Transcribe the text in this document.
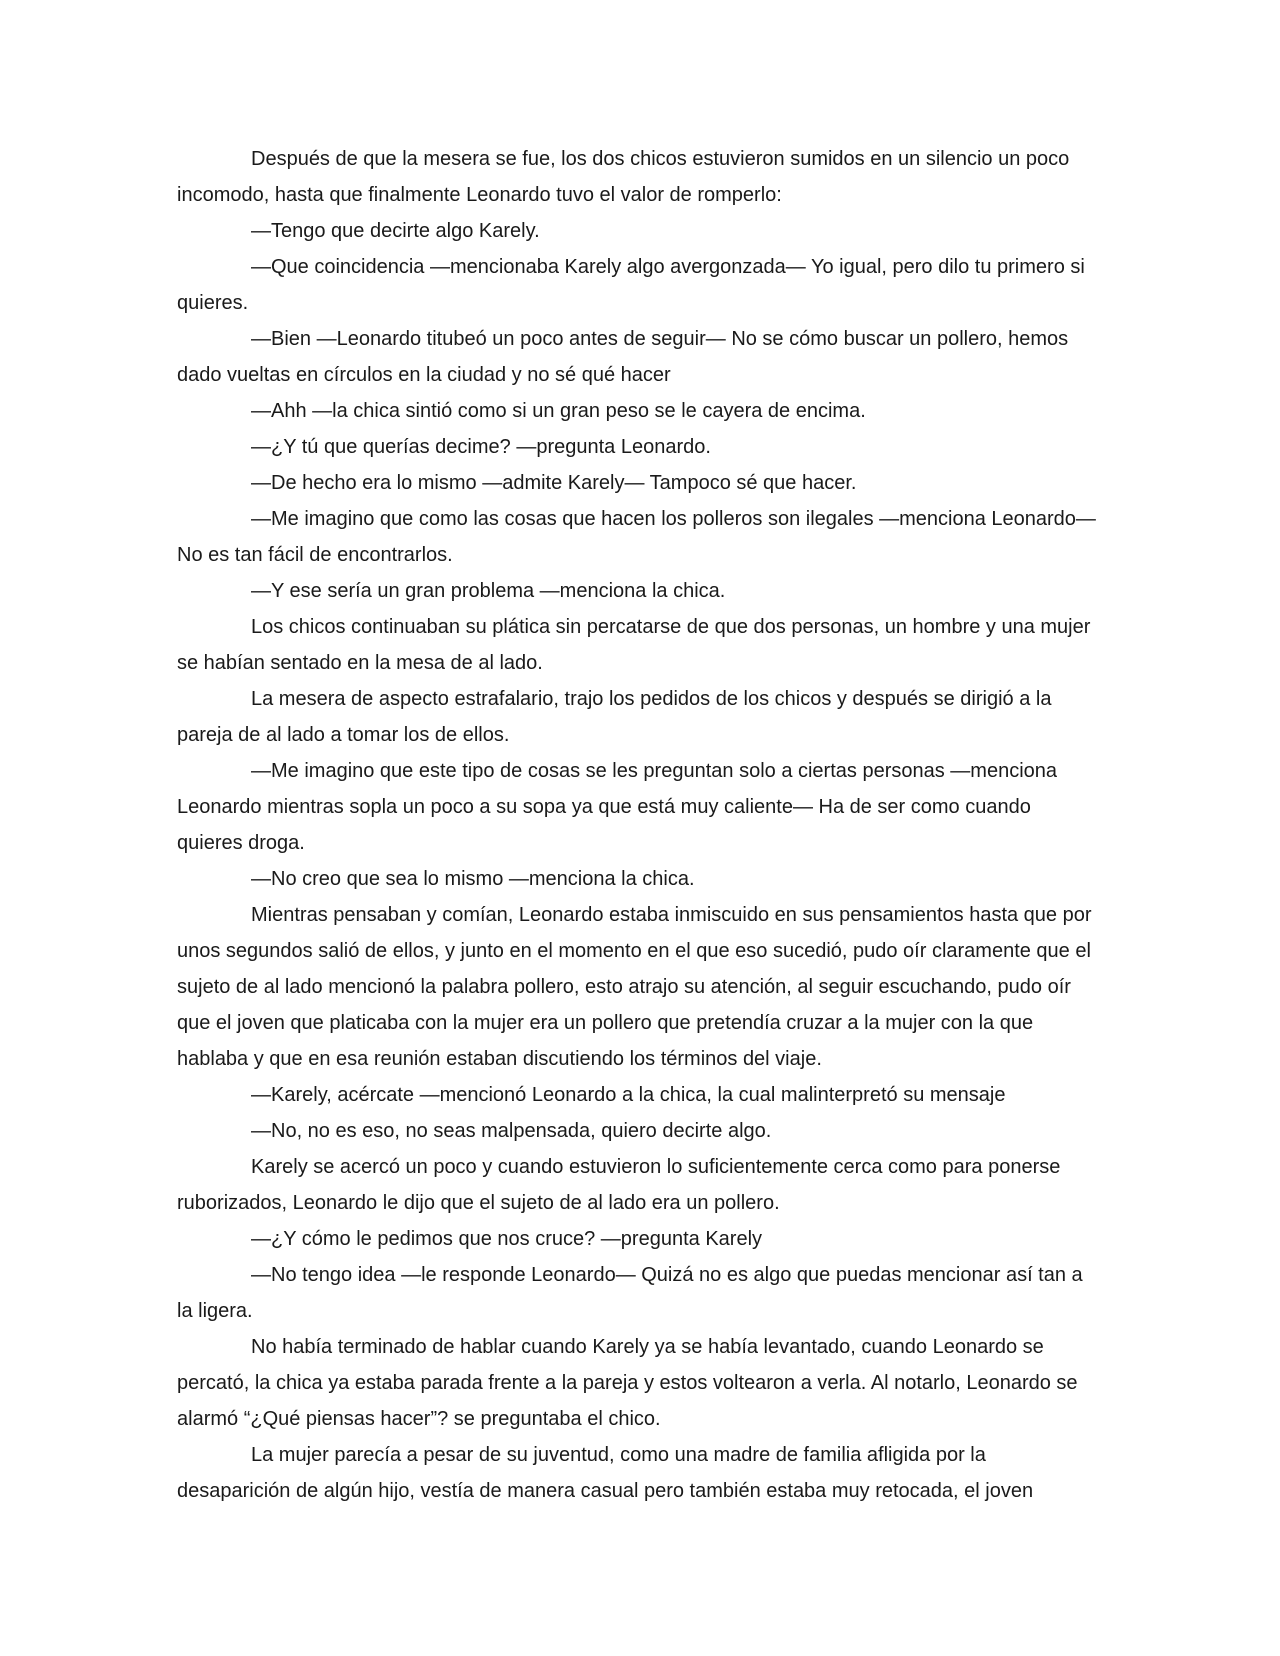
Después de que la mesera se fue, los dos chicos estuvieron sumidos en un silencio un poco incomodo, hasta que finalmente Leonardo tuvo el valor de romperlo:

—Tengo que decirte algo Karely.

—Que coincidencia —mencionaba Karely algo avergonzada— Yo igual, pero dilo tu primero si quieres.

—Bien —Leonardo titubeó un poco antes de seguir— No se cómo buscar un pollero, hemos dado vueltas en círculos en la ciudad y no sé qué hacer

—Ahh —la chica sintió como si un gran peso se le cayera de encima.

—¿Y tú que querías decime? —pregunta Leonardo.

—De hecho era lo mismo —admite Karely— Tampoco sé que hacer.

—Me imagino que como las cosas que hacen los polleros son ilegales —menciona Leonardo— No es tan fácil de encontrarlos.

—Y ese sería un gran problema —menciona la chica.

Los chicos continuaban su plática sin percatarse de que dos personas, un hombre y una mujer se habían sentado en la mesa de al lado.

La mesera de aspecto estrafalario, trajo los pedidos de los chicos y después se dirigió a la pareja de al lado a tomar los de ellos.

—Me imagino que este tipo de cosas se les preguntan solo a ciertas personas —menciona Leonardo mientras sopla un poco a su sopa ya que está muy caliente— Ha de ser como cuando quieres droga.

—No creo que sea lo mismo —menciona la chica.

Mientras pensaban y comían, Leonardo estaba inmiscuido en sus pensamientos hasta que por unos segundos salió de ellos, y junto en el momento en el que eso sucedió, pudo oír claramente que el sujeto de al lado mencionó la palabra pollero, esto atrajo su atención, al seguir escuchando, pudo oír que el joven que platicaba con la mujer era un pollero que pretendía cruzar a la mujer con la que hablaba y que en esa reunión estaban discutiendo los términos del viaje.

—Karely, acércate —mencionó Leonardo a la chica, la cual malinterpretó su mensaje

—No, no es eso, no seas malpensada, quiero decirte algo.

Karely se acercó un poco y cuando estuvieron lo suficientemente cerca como para ponerse ruborizados, Leonardo le dijo que el sujeto de al lado era un pollero.

—¿Y cómo le pedimos que nos cruce? —pregunta Karely

—No tengo idea —le responde Leonardo— Quizá no es algo que puedas mencionar así tan a la ligera.

No había terminado de hablar cuando Karely ya se había levantado, cuando Leonardo se percató, la chica ya estaba parada frente a la pareja y estos voltearon a verla. Al notarlo, Leonardo se alarmó “¿Qué piensas hacer”? se preguntaba el chico.

La mujer parecía a pesar de su juventud, como una madre de familia afligida por la desaparición de algún hijo, vestía de manera casual pero también estaba muy retocada, el joven
